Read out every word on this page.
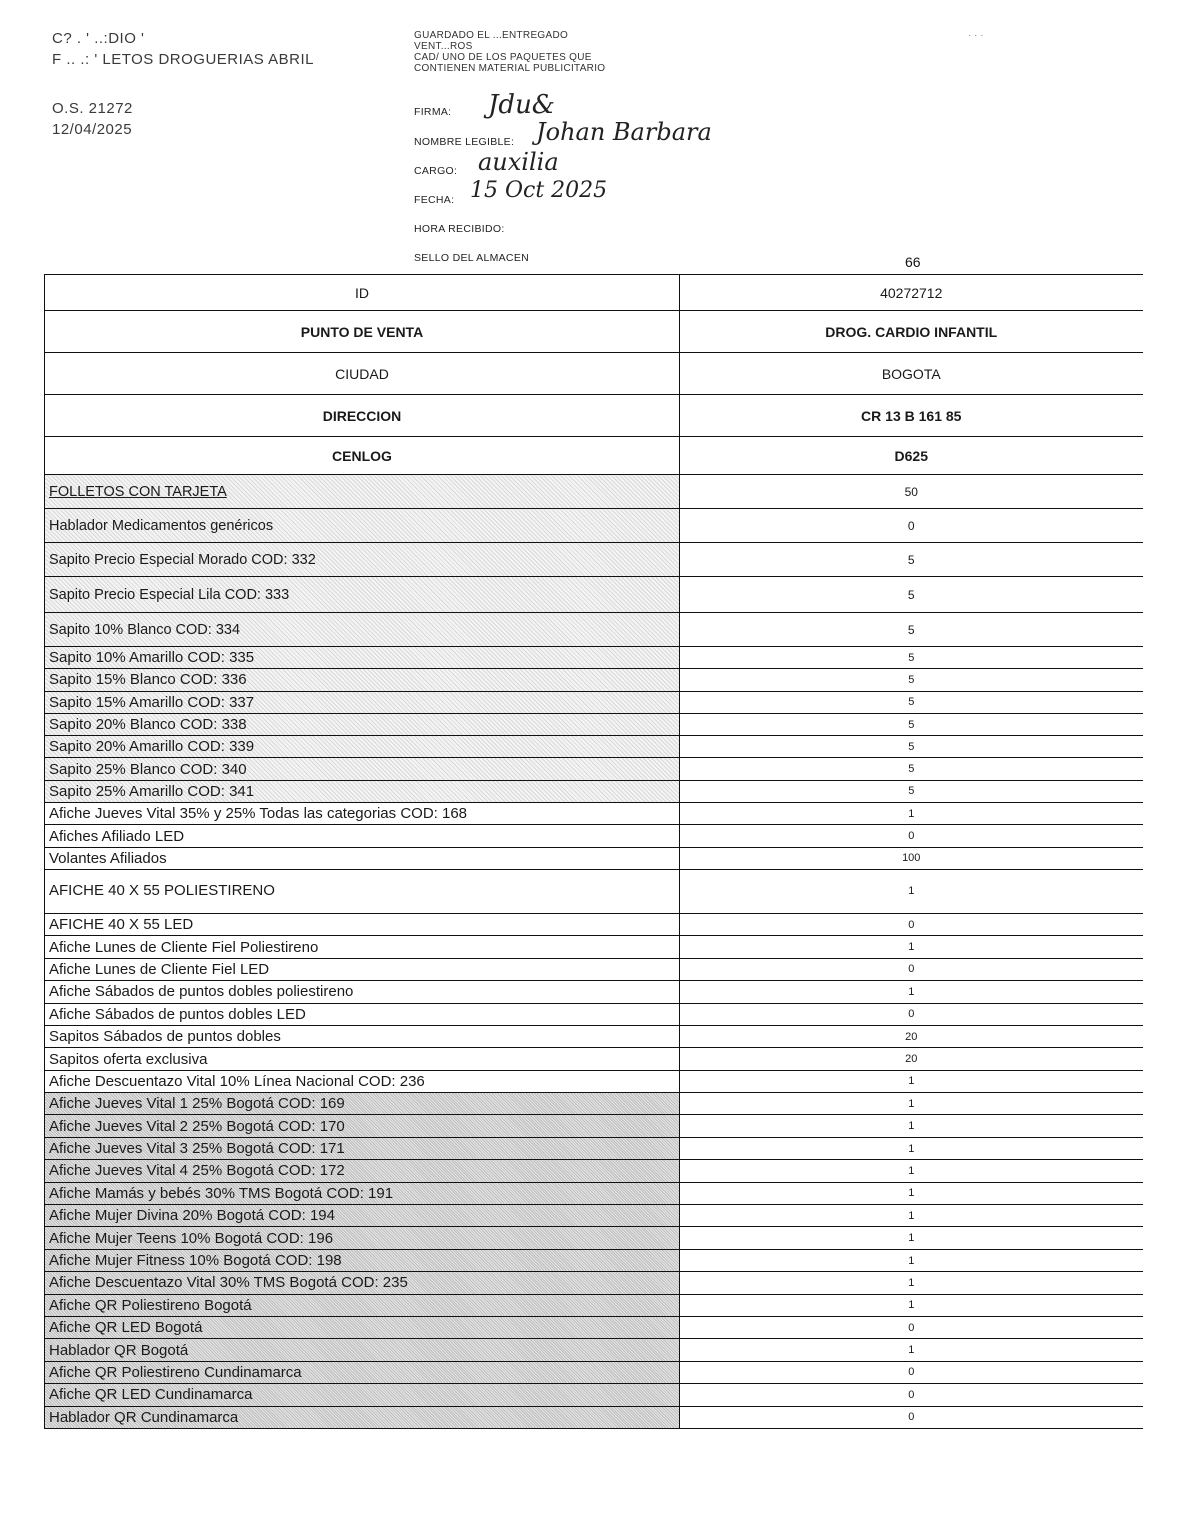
C? . ' ..:DIO '
F .. .: ' LETOS DROGUERIAS ABRIL
O.S. 21272
12/04/2025
GUARDADO EL ...ENTREGADO
VENT...ROS
CAD/ UNO DE LOS PAQUETES QUE
CONTIENEN MATERIAL PUBLICITARIO
· · ·
FIRMA: Jdu&
NOMBRE LEGIBLE: Johan Barbara
CARGO: auxilia
FECHA: 15 Oct 2025
HORA RECIBIDO:
SELLO DEL ALMACEN	66
ID	40272712
PUNTO DE VENTA	DROG. CARDIO INFANTIL
CIUDAD	BOGOTA
DIRECCION	CR 13 B 161 85
CENLOG	D625
FOLLETOS CON TARJETA	50
Hablador Medicamentos genéricos	0
Sapito Precio Especial Morado COD: 332	5
Sapito Precio Especial Lila COD: 333	5
Sapito 10% Blanco COD: 334	5
Sapito 10% Amarillo COD: 335	5
Sapito 15% Blanco COD: 336	5
Sapito 15% Amarillo COD: 337	5
Sapito 20% Blanco COD: 338	5
Sapito 20% Amarillo COD: 339	5
Sapito 25% Blanco COD: 340	5
Sapito 25% Amarillo COD: 341	5
Afiche Jueves Vital 35% y 25% Todas las categorias COD: 168	1
Afiches Afiliado LED	0
Volantes Afiliados	100
AFICHE 40 X 55 POLIESTIRENO	1
AFICHE 40 X 55 LED	0
Afiche Lunes de Cliente Fiel Poliestireno	1
Afiche Lunes de Cliente Fiel LED	0
Afiche Sábados de puntos dobles poliestireno	1
Afiche Sábados de puntos dobles LED	0
Sapitos Sábados de puntos dobles	20
Sapitos oferta exclusiva	20
Afiche Descuentazo Vital 10% Línea Nacional COD: 236	1
Afiche Jueves Vital 1 25% Bogotá COD: 169	1
Afiche Jueves Vital 2 25% Bogotá COD: 170	1
Afiche Jueves Vital 3 25% Bogotá COD: 171	1
Afiche Jueves Vital 4 25% Bogotá COD: 172	1
Afiche Mamás y bebés 30% TMS Bogotá COD: 191	1
Afiche Mujer Divina 20% Bogotá COD: 194	1
Afiche Mujer Teens 10% Bogotá COD: 196	1
Afiche Mujer Fitness 10% Bogotá COD: 198	1
Afiche Descuentazo Vital 30% TMS Bogotá COD: 235	1
Afiche QR Poliestireno Bogotá	1
Afiche QR LED Bogotá	0
Hablador QR Bogotá	1
Afiche QR Poliestireno Cundinamarca	0
Afiche QR LED Cundinamarca	0
Hablador QR Cundinamarca	0
